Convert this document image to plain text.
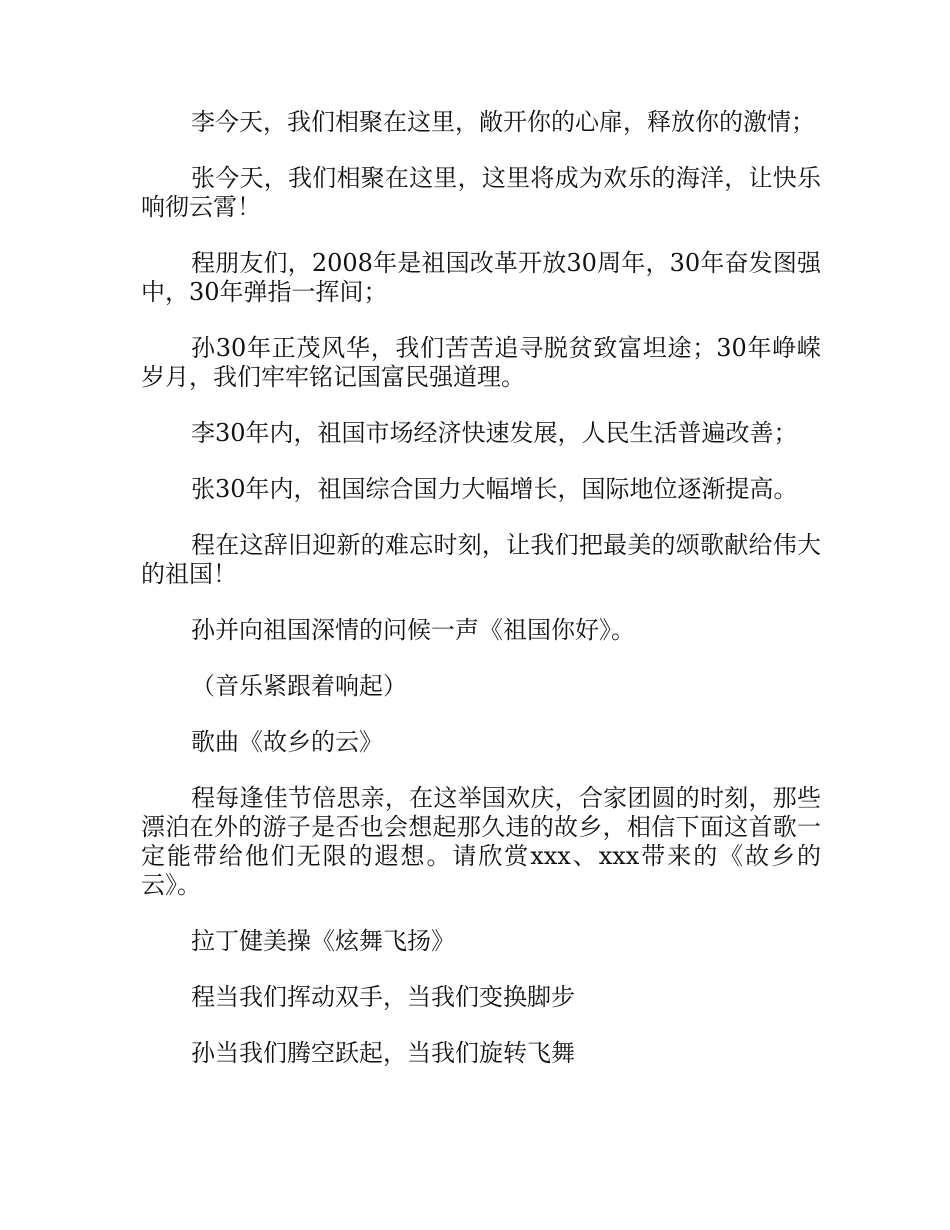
李今天，我们相聚在这里，敞开你的心扉，释放你的激情；

张今天，我们相聚在这里，这里将成为欢乐的海洋，让快乐响彻云霄！

程朋友们，2008年是祖国改革开放30周年，30年奋发图强中，30年弹指一挥间；

孙30年正茂风华，我们苦苦追寻脱贫致富坦途；30年峥嵘岁月，我们牢牢铭记国富民强道理。

李30年内，祖国市场经济快速发展，人民生活普遍改善；

张30年内，祖国综合国力大幅增长，国际地位逐渐提高。

程在这辞旧迎新的难忘时刻，让我们把最美的颂歌献给伟大的祖国！

孙并向祖国深情的问候一声《祖国你好》。

（音乐紧跟着响起）

歌曲《故乡的云》

程每逢佳节倍思亲，在这举国欢庆，合家团圆的时刻，那些漂泊在外的游子是否也会想起那久违的故乡，相信下面这首歌一定能带给他们无限的遐想。请欣赏xxx、xxx带来的《故乡的云》。

拉丁健美操《炫舞飞扬》

程当我们挥动双手，当我们变换脚步

孙当我们腾空跃起，当我们旋转飞舞
